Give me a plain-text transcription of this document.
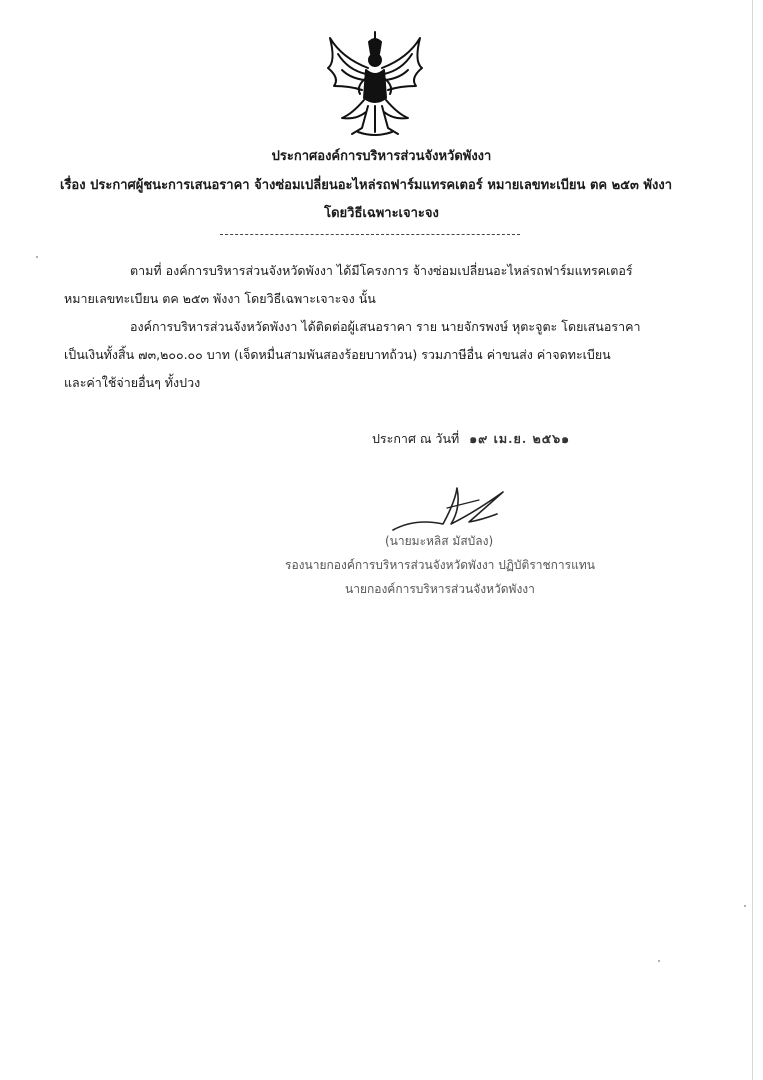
ประกาศองค์การบริหารส่วนจังหวัดพังงา
เรื่อง ประกาศผู้ชนะการเสนอราคา จ้างซ่อมเปลี่ยนอะไหล่รถฟาร์มแทรคเตอร์ หมายเลขทะเบียน ตค ๒๕๓ พังงา
โดยวิธีเฉพาะเจาะจง
ตามที่ องค์การบริหารส่วนจังหวัดพังงา ได้มีโครงการ จ้างซ่อมเปลี่ยนอะไหล่รถฟาร์มแทรคเตอร์
หมายเลขทะเบียน ตค ๒๕๓ พังงา โดยวิธีเฉพาะเจาะจง นั้น
องค์การบริหารส่วนจังหวัดพังงา ได้ติดต่อผู้เสนอราคา ราย นายจักรพงษ์ หุตะจูตะ โดยเสนอราคา
เป็นเงินทั้งสิ้น ๗๓,๒๐๐.๐๐ บาท (เจ็ดหมื่นสามพันสองร้อยบาทถ้วน) รวมภาษีอื่น ค่าขนส่ง ค่าจดทะเบียน
และค่าใช้จ่ายอื่นๆ ทั้งปวง
ประกาศ ณ วันที่ ๑๙ เม.ย. ๒๕๖๑
(นายมะหลิส มัสบัลง)
รองนายกองค์การบริหารส่วนจังหวัดพังงา ปฏิบัติราชการแทน
นายกองค์การบริหารส่วนจังหวัดพังงา
